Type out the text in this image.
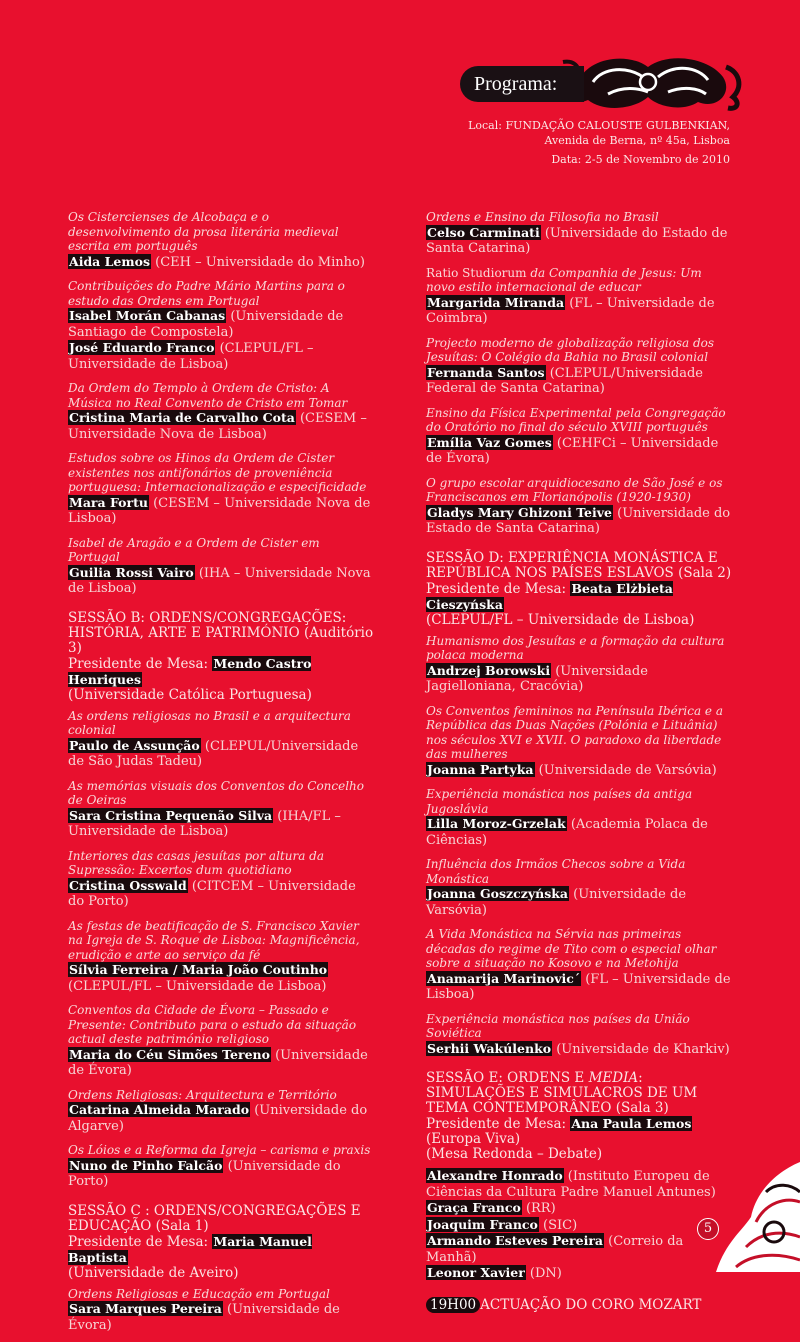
Programa:
Local: FUNDAÇÃO CALOUSTE GULBENKIAN,
Avenida de Berna, nº 45a, Lisboa
Data: 2-5 de Novembro de 2010
Os Cistercienses de Alcobaça e o desenvolvimento da prosa literária medieval escrita em português
Aida Lemos (CEH – Universidade do Minho)
Contribuições do Padre Mário Martins para o estudo das Ordens em Portugal
Isabel Morán Cabanas (Universidade de Santiago de Compostela)
José Eduardo Franco (CLEPUL/FL – Universidade de Lisboa)
Da Ordem do Templo à Ordem de Cristo: A Música no Real Convento de Cristo em Tomar
Cristina Maria de Carvalho Cota (CESEM – Universidade Nova de Lisboa)
Estudos sobre os Hinos da Ordem de Cister existentes nos antifonários de proveniência portuguesa: Internacionalização e especificidade
Mara Fortu (CESEM – Universidade Nova de Lisboa)
Isabel de Aragão e a Ordem de Cister em Portugal
Guilia Rossi Vairo (IHA – Universidade Nova de Lisboa)
SESSÃO B: ORDENS/CONGREGAÇÕES: HISTÓRIA, ARTE E PATRIMÓNIO (Auditório 3)
Presidente de Mesa: Mendo Castro Henriques
(Universidade Católica Portuguesa)
As ordens religiosas no Brasil e a arquitectura colonial
Paulo de Assunção (CLEPUL/Universidade de São Judas Tadeu)
As memórias visuais dos Conventos do Concelho de Oeiras
Sara Cristina Pequenão Silva (IHA/FL – Universidade de Lisboa)
Interiores das casas jesuítas por altura da Supressão: Excertos dum quotidiano
Cristina Osswald (CITCEM – Universidade do Porto)
As festas de beatificação de S. Francisco Xavier na Igreja de S. Roque de Lisboa: Magnificência, erudição e arte ao serviço da fé
Sílvia Ferreira / Maria João Coutinho (CLEPUL/FL – Universidade de Lisboa)
Conventos da Cidade de Évora – Passado e Presente: Contributo para o estudo da situação actual deste património religioso
Maria do Céu Simões Tereno (Universidade de Évora)
Ordens Religiosas: Arquitectura e Território
Catarina Almeida Marado (Universidade do Algarve)
Os Lóios e a Reforma da Igreja – carisma e praxis
Nuno de Pinho Falcão (Universidade do Porto)
SESSÃO C : ORDENS/CONGREGAÇÕES E EDUCAÇÃO (Sala 1)
Presidente de Mesa: Maria Manuel Baptista
(Universidade de Aveiro)
Ordens Religiosas e Educação em Portugal
Sara Marques Pereira (Universidade de Évora)
Ordens e Ensino da Filosofia no Brasil
Celso Carminati (Universidade do Estado de Santa Catarina)
Ratio Studiorum da Companhia de Jesus: Um novo estilo internacional de educar
Margarida Miranda (FL – Universidade de Coimbra)
Projecto moderno de globalização religiosa dos Jesuítas: O Colégio da Bahia no Brasil colonial
Fernanda Santos (CLEPUL/Universidade Federal de Santa Catarina)
Ensino da Física Experimental pela Congregação do Oratório no final do século XVIII português
Emília Vaz Gomes (CEHFCi – Universidade de Évora)
O grupo escolar arquidiocesano de São José e os Franciscanos em Florianópolis (1920-1930)
Gladys Mary Ghizoni Teive (Universidade do Estado de Santa Catarina)
SESSÃO D: EXPERIÊNCIA MONÁSTICA E REPÚBLICA NOS PAÍSES ESLAVOS (Sala 2)
Presidente de Mesa: Beata Elżbieta Cieszyńska
(CLEPUL/FL – Universidade de Lisboa)
Humanismo dos Jesuítas e a formação da cultura polaca moderna
Andrzej Borowski (Universidade Jagielloniana, Cracóvia)
Os Conventos femininos na Península Ibérica e a República das Duas Nações (Polónia e Lituânia) nos séculos XVI e XVII. O paradoxo da liberdade das mulheres
Joanna Partyka (Universidade de Varsóvia)
Experiência monástica nos países da antiga Jugoslávia
Lilla Moroz-Grzelak (Academia Polaca de Ciências)
Influência dos Irmãos Checos sobre a Vida Monástica
Joanna Goszczyńska (Universidade de Varsóvia)
A Vida Monástica na Sérvia nas primeiras décadas do regime de Tito com o especial olhar sobre a situação no Kosovo e na Metohija
Anamarija Marinovic´ (FL – Universidade de Lisboa)
Experiência monástica nos países da União Soviética
Serhii Wakúlenko (Universidade de Kharkiv)
SESSÃO E: ORDENS E MEDIA: SIMULAÇÕES E SIMULACROS DE UM TEMA CONTEMPORÂNEO (Sala 3)
Presidente de Mesa: Ana Paula Lemos (Europa Viva)
(Mesa Redonda – Debate)
Alexandre Honrado (Instituto Europeu de Ciências da Cultura Padre Manuel Antunes)
Graça Franco (RR)
Joaquim Franco (SIC)
Armando Esteves Pereira (Correio da Manhã)
Leonor Xavier (DN)
19H00 ACTUAÇÃO DO CORO MOZART
5
